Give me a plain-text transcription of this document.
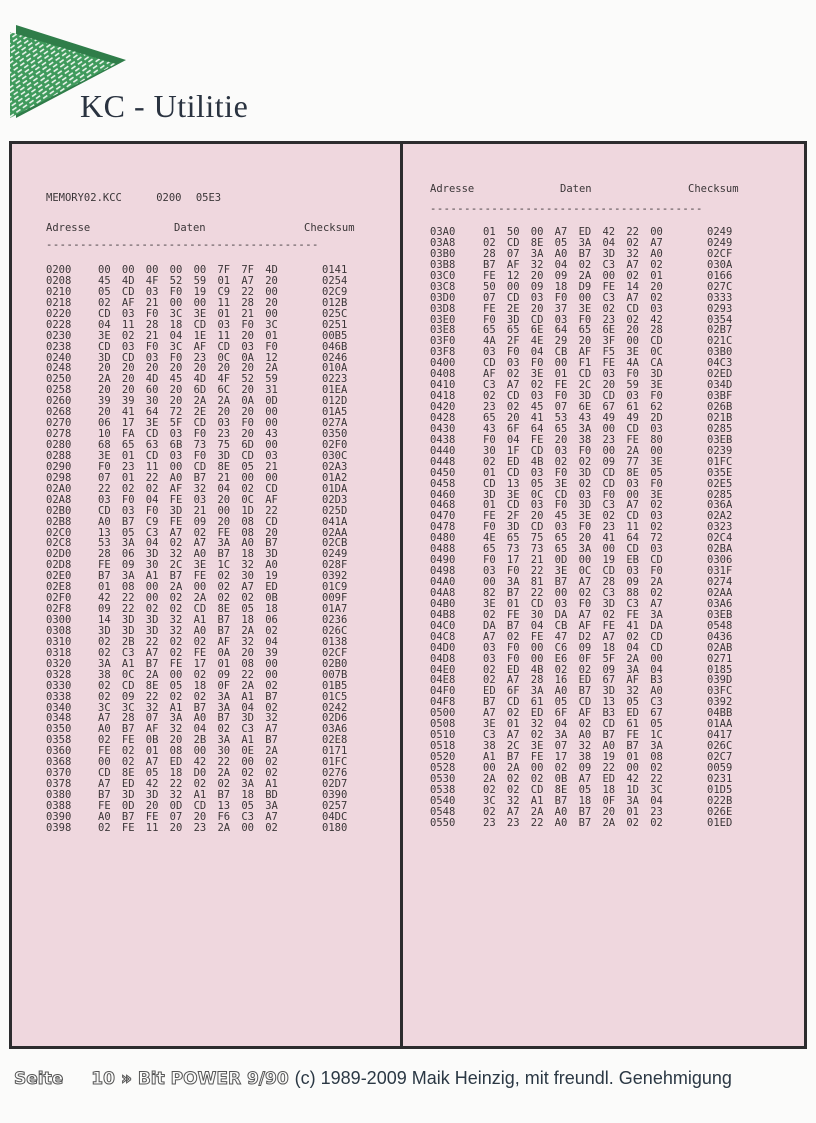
KC - Utilitie
MEMORY02.KCC	0200 05E3
Adresse	Daten	Checksum
----------------------------------------
Adresse	Daten	Checksum
----------------------------------------
0200	00	00	00	00	00	7F	7F	4D	0141
0208	45	4D	4F	52	59	01	A7	20	0254
0210	05	CD	03	F0	19	C9	22	00	02C9
0218	02	AF	21	00	00	11	28	20	012B
0220	CD	03	F0	3C	3E	01	21	00	025C
0228	04	11	28	18	CD	03	F0	3C	0251
0230	3E	02	21	04	1E	11	20	01	00B5
0238	CD	03	F0	3C	AF	CD	03	F0	046B
0240	3D	CD	03	F0	23	0C	0A	12	0246
0248	20	20	20	20	20	20	20	2A	010A
0250	2A	20	4D	45	4D	4F	52	59	0223
0258	20	20	60	20	6D	6C	20	31	01EA
0260	39	39	30	20	2A	2A	0A	0D	012D
0268	20	41	64	72	2E	20	20	00	01A5
0270	06	17	3E	5F	CD	03	F0	00	027A
0278	10	FA	CD	03	F0	23	20	43	0350
0280	68	65	63	6B	73	75	6D	00	02F0
0288	3E	01	CD	03	F0	3D	CD	03	030C
0290	F0	23	11	00	CD	8E	05	21	02A3
0298	07	01	22	A0	B7	21	00	00	01A2
02A0	22	02	02	AF	32	04	02	CD	01DA
02A8	03	F0	04	FE	03	20	0C	AF	02D3
02B0	CD	03	F0	3D	21	00	1D	22	025D
02B8	A0	B7	C9	FE	09	20	08	CD	041A
02C0	13	05	C3	A7	02	FE	08	20	02AA
02C8	53	3A	04	02	A7	3A	A0	B7	02CB
02D0	28	06	3D	32	A0	B7	18	3D	0249
02D8	FE	09	30	2C	3E	1C	32	A0	028F
02E0	B7	3A	A1	B7	FE	02	30	19	0392
02E8	01	08	00	2A	00	02	A7	ED	01C9
02F0	42	22	00	02	2A	02	02	0B	009F
02F8	09	22	02	02	CD	8E	05	18	01A7
0300	14	3D	3D	32	A1	B7	18	06	0236
0308	3D	3D	3D	32	A0	B7	2A	02	026C
0310	02	2B	22	02	02	AF	32	04	0138
0318	02	C3	A7	02	FE	0A	20	39	02CF
0320	3A	A1	B7	FE	17	01	08	00	02B0
0328	38	0C	2A	00	02	09	22	00	007B
0330	02	CD	8E	05	18	0F	2A	02	01B5
0338	02	09	22	02	02	3A	A1	B7	01C5
0340	3C	3C	32	A1	B7	3A	04	02	0242
0348	A7	28	07	3A	A0	B7	3D	32	02D6
0350	A0	B7	AF	32	04	02	C3	A7	03A6
0358	02	FE	0B	20	2B	3A	A1	B7	02E8
0360	FE	02	01	08	00	30	0E	2A	0171
0368	00	02	A7	ED	42	22	00	02	01FC
0370	CD	8E	05	18	D0	2A	02	02	0276
0378	A7	ED	42	22	02	02	3A	A1	02D7
0380	B7	3D	3D	32	A1	B7	18	BD	0390
0388	FE	0D	20	0D	CD	13	05	3A	0257
0390	A0	B7	FE	07	20	F6	C3	A7	04DC
0398	02	FE	11	20	23	2A	00	02	0180
03A0	01	50	00	A7	ED	42	22	00	0249
03A8	02	CD	8E	05	3A	04	02	A7	0249
03B0	28	07	3A	A0	B7	3D	32	A0	02CF
03B8	B7	AF	32	04	02	C3	A7	02	030A
03C0	FE	12	20	09	2A	00	02	01	0166
03C8	50	00	09	18	D9	FE	14	20	027C
03D0	07	CD	03	F0	00	C3	A7	02	0333
03D8	FE	2E	20	37	3E	02	CD	03	0293
03E0	F0	3D	CD	03	F0	23	02	42	0354
03E8	65	65	6E	64	65	6E	20	28	02B7
03F0	4A	2F	4E	29	20	3F	00	CD	021C
03F8	03	F0	04	CB	AF	F5	3E	0C	03B0
0400	CD	03	F0	00	F1	FE	4A	CA	04C3
0408	AF	02	3E	01	CD	03	F0	3D	02ED
0410	C3	A7	02	FE	2C	20	59	3E	034D
0418	02	CD	03	F0	3D	CD	03	F0	03BF
0420	23	02	45	07	6E	67	61	62	026B
0428	65	20	41	53	43	49	49	2D	021B
0430	43	6F	64	65	3A	00	CD	03	0285
0438	F0	04	FE	20	38	23	FE	80	03EB
0440	30	1F	CD	03	F0	00	2A	00	0239
0448	02	ED	4B	02	02	09	77	3E	01FC
0450	01	CD	03	F0	3D	CD	8E	05	035E
0458	CD	13	05	3E	02	CD	03	F0	02E5
0460	3D	3E	0C	CD	03	F0	00	3E	0285
0468	01	CD	03	F0	3D	C3	A7	02	036A
0470	FE	2F	20	45	3E	02	CD	03	02A2
0478	F0	3D	CD	03	F0	23	11	02	0323
0480	4E	65	75	65	20	41	64	72	02C4
0488	65	73	73	65	3A	00	CD	03	02BA
0490	F0	17	21	0D	00	19	EB	CD	0306
0498	03	F0	22	3E	0C	CD	03	F0	031F
04A0	00	3A	81	B7	A7	28	09	2A	0274
04A8	82	B7	22	00	02	C3	88	02	02AA
04B0	3E	01	CD	03	F0	3D	C3	A7	03A6
04B8	02	FE	30	DA	A7	02	FE	3A	03EB
04C0	DA	B7	04	CB	AF	FE	41	DA	0548
04C8	A7	02	FE	47	D2	A7	02	CD	0436
04D0	03	F0	00	C6	09	18	04	CD	02AB
04D8	03	F0	00	E6	0F	5F	2A	00	0271
04E0	02	ED	4B	02	02	09	3A	04	0185
04E8	02	A7	28	16	ED	67	AF	B3	039D
04F0	ED	6F	3A	A0	B7	3D	32	A0	03FC
04F8	B7	CD	61	05	CD	13	05	C3	0392
0500	A7	02	ED	6F	AF	B3	ED	67	04BB
0508	3E	01	32	04	02	CD	61	05	01AA
0510	C3	A7	02	3A	A0	B7	FE	1C	0417
0518	38	2C	3E	07	32	A0	B7	3A	026C
0520	A1	B7	FE	17	38	19	01	08	02C7
0528	00	2A	00	02	09	22	00	02	0059
0530	2A	02	02	0B	A7	ED	42	22	0231
0538	02	02	CD	8E	05	18	1D	3C	01D5
0540	3C	32	A1	B7	18	0F	3A	04	022B
0548	02	A7	2A	A0	B7	20	01	23	026E
0550	23	23	22	A0	B7	2A	02	02	01ED
Seite 10 » Bit POWER 9/90 (c) 1989-2009 Maik Heinzig, mit freundl. Genehmigung
